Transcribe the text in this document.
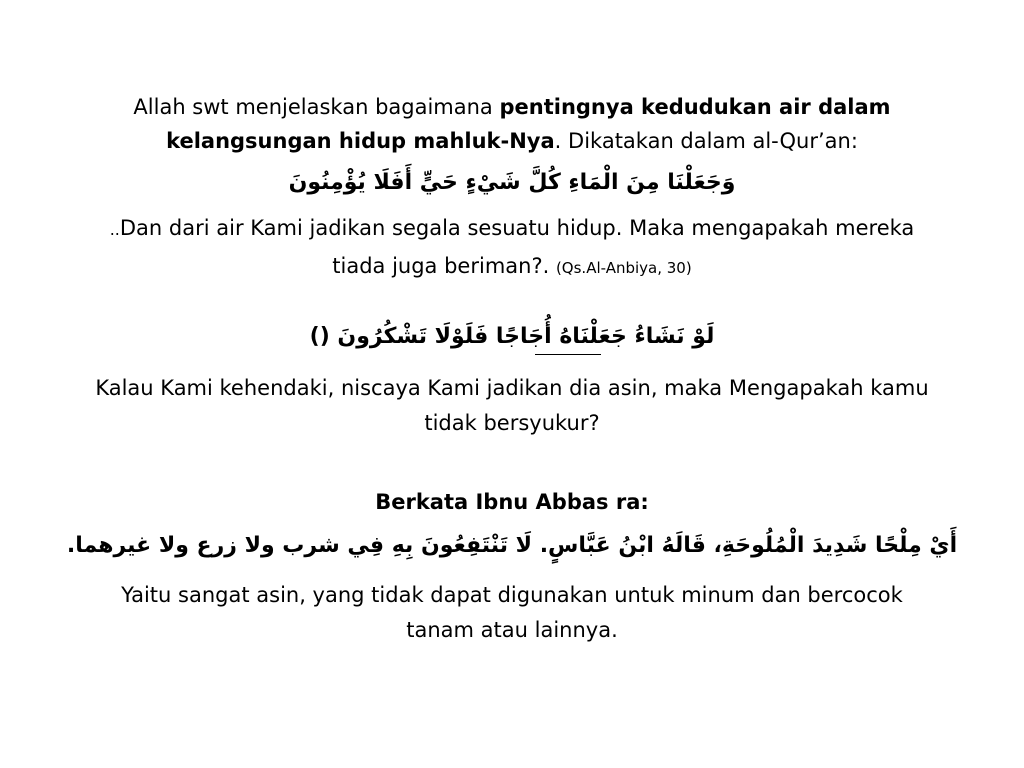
Allah swt menjelaskan bagaimana pentingnya kedudukan air dalam
kelangsungan hidup mahluk-Nya. Dikatakan dalam al-Qur’an:
وَجَعَلْنَا مِنَ الْمَاءِ كُلَّ شَيْءٍ حَيٍّ أَفَلَا يُؤْمِنُونَ
..Dan dari air Kami jadikan segala sesuatu hidup. Maka mengapakah mereka
tiada juga beriman?. (Qs.Al-Anbiya, 30)
لَوْ نَشَاءُ جَعَلْنَاهُ أُجَاجًا فَلَوْلَا تَشْكُرُونَ ()
Kalau Kami kehendaki, niscaya Kami jadikan dia asin, maka Mengapakah kamu
tidak bersyukur?
Berkata Ibnu Abbas ra:
أَيْ مِلْحًا شَدِيدَ الْمُلُوحَةِ، قَالَهُ ابْنُ عَبَّاسٍ. لَا تَنْتَفِعُونَ بِهِ فِي شرب ولا زرع ولا غيرهما.
Yaitu sangat asin, yang tidak dapat digunakan untuk minum dan bercocok
tanam atau lainnya.
